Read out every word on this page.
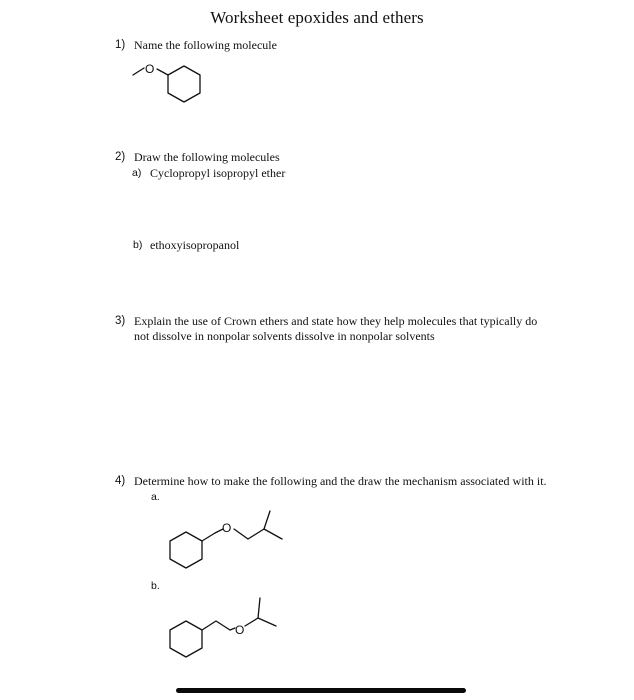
Worksheet epoxides and ethers
1) Name the following molecule
O
2) Draw the following molecules
a) Cyclopropyl isopropyl ether
b) ethoxyisopropanol
3) Explain the use of Crown ethers and state how they help molecules that typically do
not dissolve in nonpolar solvents dissolve in nonpolar solvents
4) Determine how to make the following and the draw the mechanism associated with it.
a.
O
b.
O
